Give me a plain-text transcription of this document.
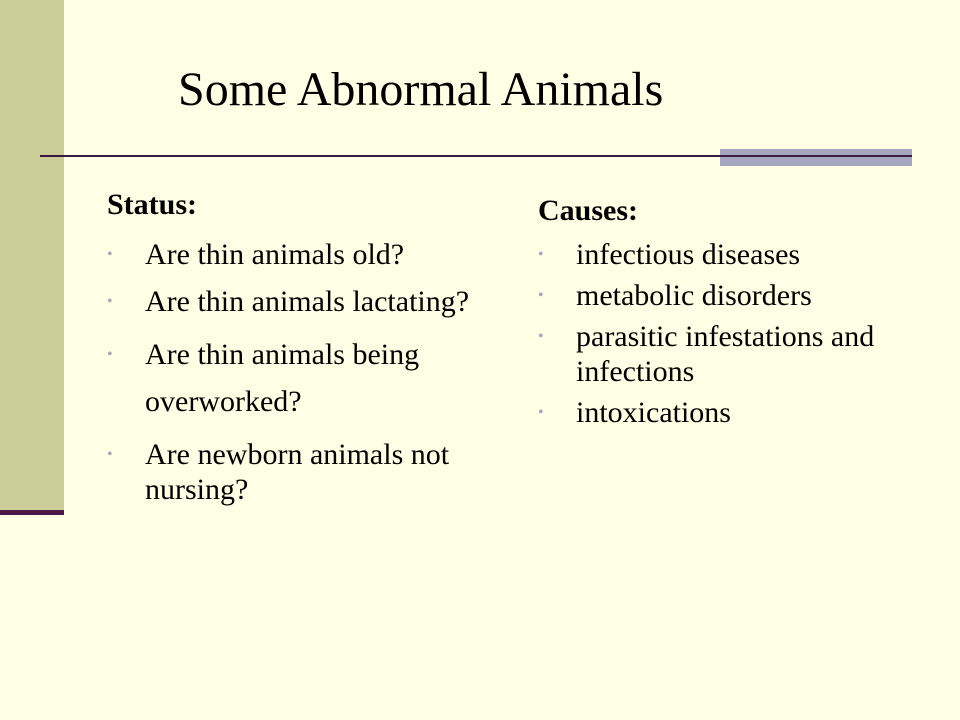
Some Abnormal Animals
Status:
• Are thin animals old?
• Are thin animals lactating?
• Are thin animals being overworked?
• Are newborn animals not nursing?
Causes:
• infectious diseases
• metabolic disorders
• parasitic infestations and infections
• intoxications
